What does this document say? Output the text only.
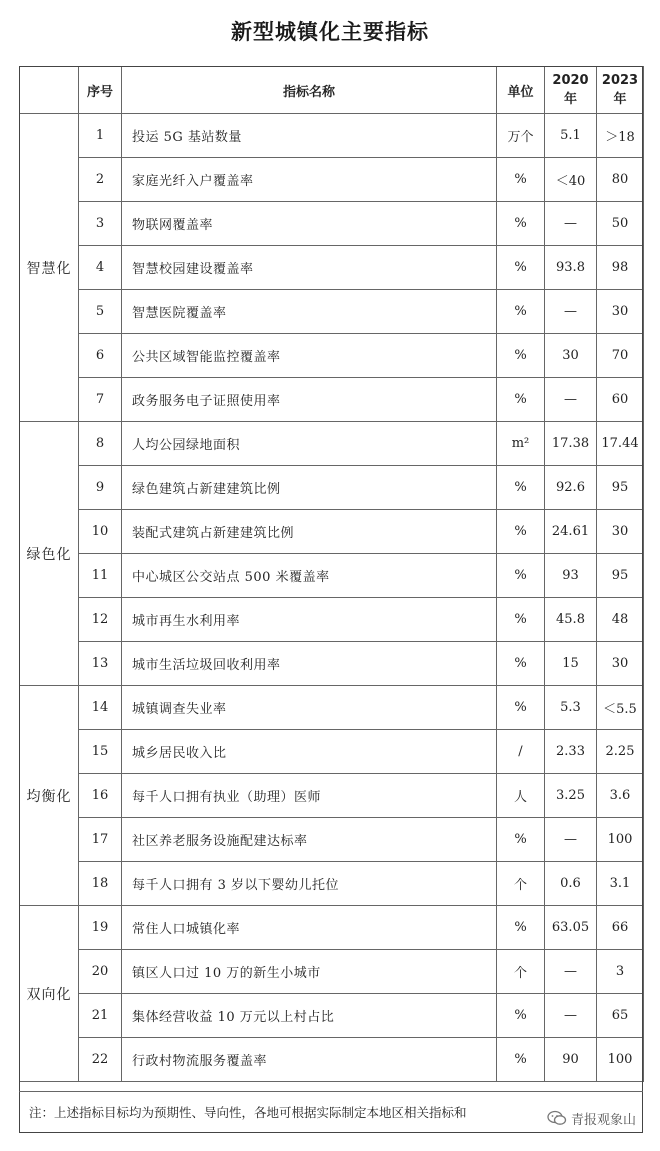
新型城镇化主要指标
	序号	指标名称	单位	2020 年	2023 年
智慧化	1	投运 5G 基站数量	万个	5.1	＞18
	2	家庭光纤入户覆盖率	%	＜40	80
	3	物联网覆盖率	%	—	50
	4	智慧校园建设覆盖率	%	93.8	98
	5	智慧医院覆盖率	%	—	30
	6	公共区域智能监控覆盖率	%	30	70
	7	政务服务电子证照使用率	%	—	60
绿色化	8	人均公园绿地面积	m²	17.38	17.44
	9	绿色建筑占新建建筑比例	%	92.6	95
	10	装配式建筑占新建建筑比例	%	24.61	30
	11	中心城区公交站点 500 米覆盖率	%	93	95
	12	城市再生水利用率	%	45.8	48
	13	城市生活垃圾回收利用率	%	15	30
均衡化	14	城镇调查失业率	%	5.3	＜5.5
	15	城乡居民收入比	/	2.33	2.25
	16	每千人口拥有执业（助理）医师	人	3.25	3.6
	17	社区养老服务设施配建达标率	%	—	100
	18	每千人口拥有 3 岁以下婴幼儿托位	个	0.6	3.1
双向化	19	常住人口城镇化率	%	63.05	66
	20	镇区人口过 10 万的新生小城市	个	—	3
	21	集体经营收益 10 万元以上村占比	%	—	65
	22	行政村物流服务覆盖率	%	90	100
注：上述指标目标均为预期性、导向性，各地可根据实际制定本地区相关指标和	青报观象山
